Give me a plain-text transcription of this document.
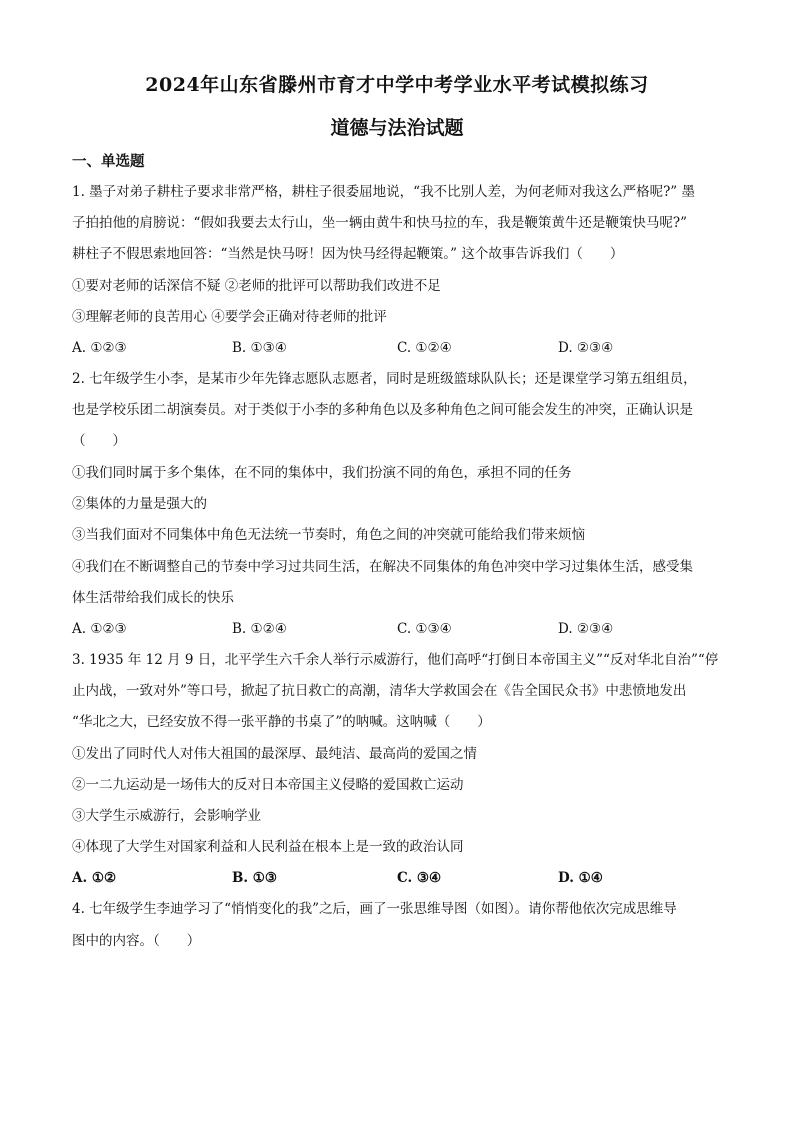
2024年山东省滕州市育才中学中考学业水平考试模拟练习
道德与法治试题
一、单选题
1. 墨子对弟子耕柱子要求非常严格，耕柱子很委屈地说，“我不比别人差，为何老师对我这么严格呢?” 墨
子拍拍他的肩膀说：“假如我要去太行山，坐一辆由黄牛和快马拉的车，我是鞭策黄牛还是鞭策快马呢?”
耕柱子不假思索地回答：“当然是快马呀！因为快马经得起鞭策。” 这个故事告诉我们（　　）
①要对老师的话深信不疑 ②老师的批评可以帮助我们改进不足
③理解老师的良苦用心 ④要学会正确对待老师的批评
A. ①②③	B. ①③④	C. ①②④	D. ②③④
2. 七年级学生小李，是某市少年先锋志愿队志愿者，同时是班级篮球队队长；还是课堂学习第五组组员，
也是学校乐团二胡演奏员。对于类似于小李的多种角色以及多种角色之间可能会发生的冲突，正确认识是
（　　）
①我们同时属于多个集体，在不同的集体中，我们扮演不同的角色，承担不同的任务
②集体的力量是强大的
③当我们面对不同集体中角色无法统一节奏时，角色之间的冲突就可能给我们带来烦恼
④我们在不断调整自己的节奏中学习过共同生活，在解决不同集体的角色冲突中学习过集体生活，感受集
体生活带给我们成长的快乐
A. ①②③	B. ①②④	C. ①③④	D. ②③④
3. 1935 年 12 月 9 日，北平学生六千余人举行示威游行，他们高呼“打倒日本帝国主义”“反对华北自治”“停
止内战，一致对外”等口号，掀起了抗日救亡的高潮，清华大学救国会在《告全国民众书》中悲愤地发出
“华北之大，已经安放不得一张平静的书桌了”的呐喊。这呐喊（　　）
①发出了同时代人对伟大祖国的最深厚、最纯洁、最高尚的爱国之情
②一二九运动是一场伟大的反对日本帝国主义侵略的爱国救亡运动
③大学生示威游行，会影响学业
④体现了大学生对国家利益和人民利益在根本上是一致的政治认同
A. ①②	B. ①③	C. ③④	D. ①④
4. 七年级学生李迪学习了“悄悄变化的我”之后，画了一张思维导图（如图）。请你帮他依次完成思维导
图中的内容。（　　）
